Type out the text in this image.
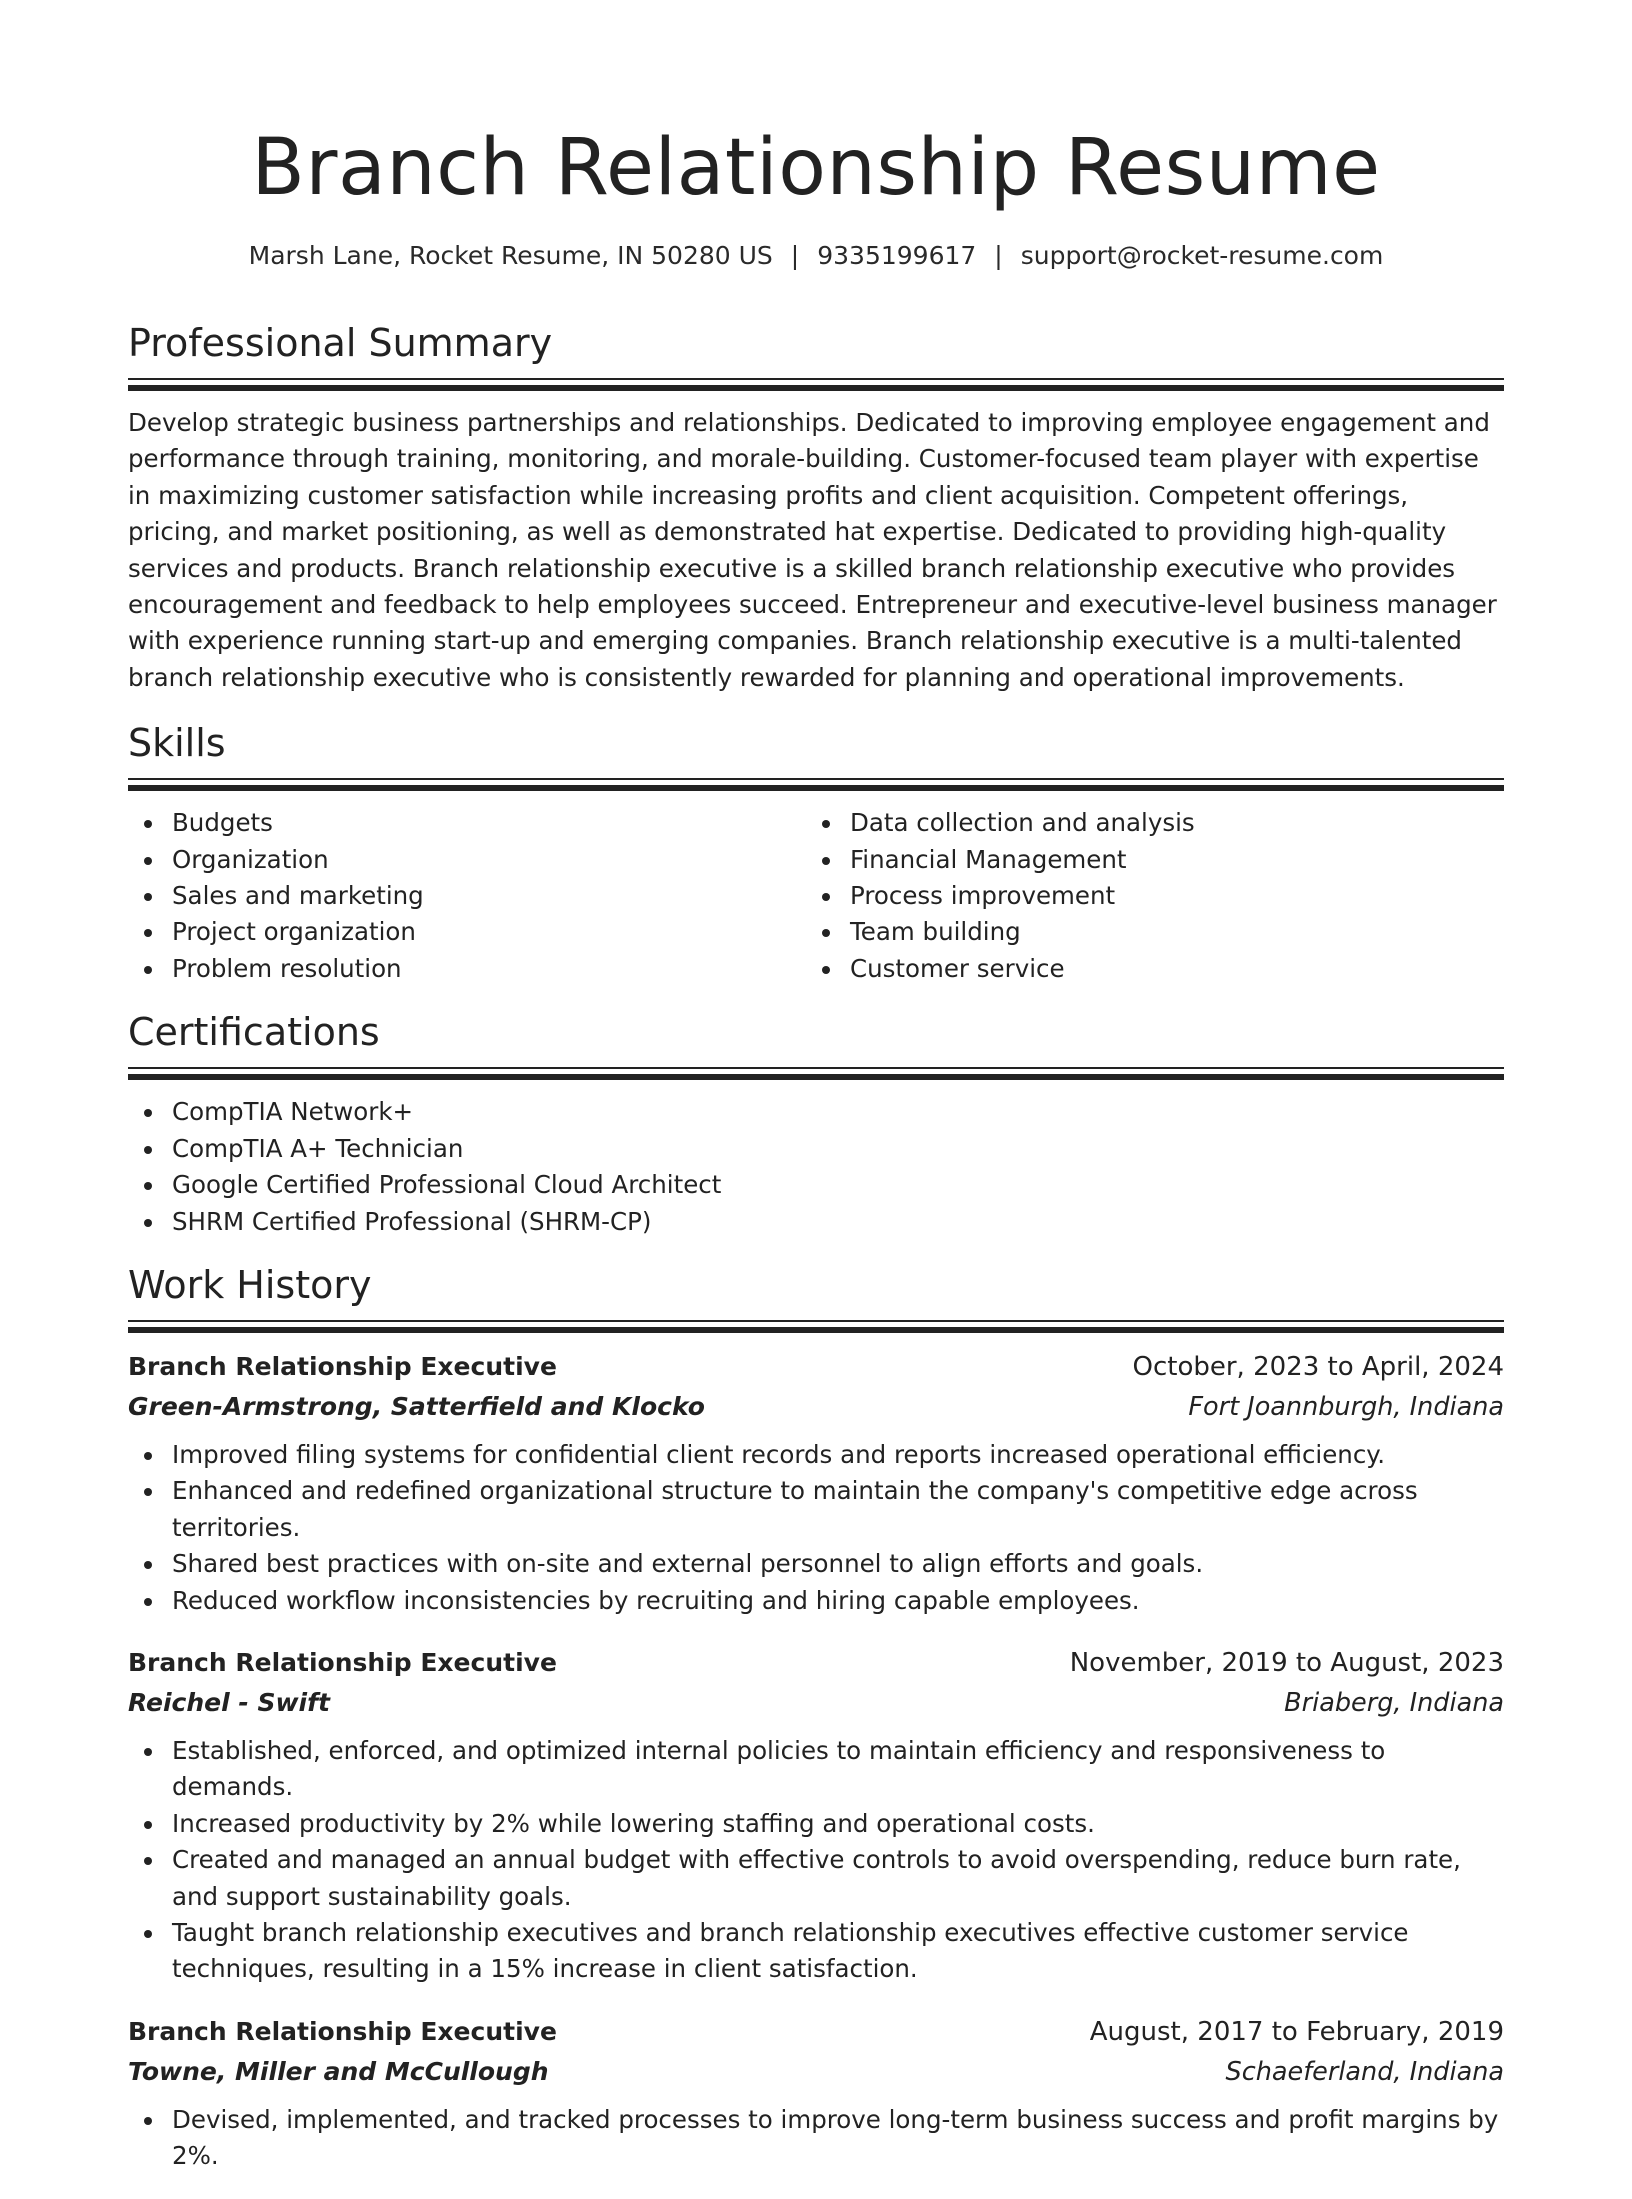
Branch Relationship Resume
Marsh Lane, Rocket Resume, IN 50280 US | 9335199617 | support@rocket-resume.com
Professional Summary

Develop strategic business partnerships and relationships. Dedicated to improving employee engagement and performance through training, monitoring, and morale-building. Customer-focused team player with expertise in maximizing customer satisfaction while increasing profits and client acquisition. Competent offerings, pricing, and market positioning, as well as demonstrated hat expertise. Dedicated to providing high-quality services and products. Branch relationship executive is a skilled branch relationship executive who provides encouragement and feedback to help employees succeed. Entrepreneur and executive-level business manager with experience running start-up and emerging companies. Branch relationship executive is a multi-talented branch relationship executive who is consistently rewarded for planning and operational improvements.

Skills
Budgets
Organization
Sales and marketing
Project organization
Problem resolution
Data collection and analysis
Financial Management
Process improvement
Team building
Customer service
Certifications
CompTIA Network+
CompTIA A+ Technician
Google Certified Professional Cloud Architect
SHRM Certified Professional (SHRM-CP)
Work History
Branch Relationship Executive	October, 2023 to April, 2024
Green-Armstrong, Satterfield and Klocko	Fort Joannburgh, Indiana
Improved filing systems for confidential client records and reports increased operational efficiency.
Enhanced and redefined organizational structure to maintain the company's competitive edge across territories.
Shared best practices with on-site and external personnel to align efforts and goals.
Reduced workflow inconsistencies by recruiting and hiring capable employees.
Branch Relationship Executive	November, 2019 to August, 2023
Reichel - Swift	Briaberg, Indiana
Established, enforced, and optimized internal policies to maintain efficiency and responsiveness to demands.
Increased productivity by 2% while lowering staffing and operational costs.
Created and managed an annual budget with effective controls to avoid overspending, reduce burn rate, and support sustainability goals.
Taught branch relationship executives and branch relationship executives effective customer service techniques, resulting in a 15% increase in client satisfaction.
Branch Relationship Executive	August, 2017 to February, 2019
Towne, Miller and McCullough	Schaeferland, Indiana
Devised, implemented, and tracked processes to improve long-term business success and profit margins by 2%.
